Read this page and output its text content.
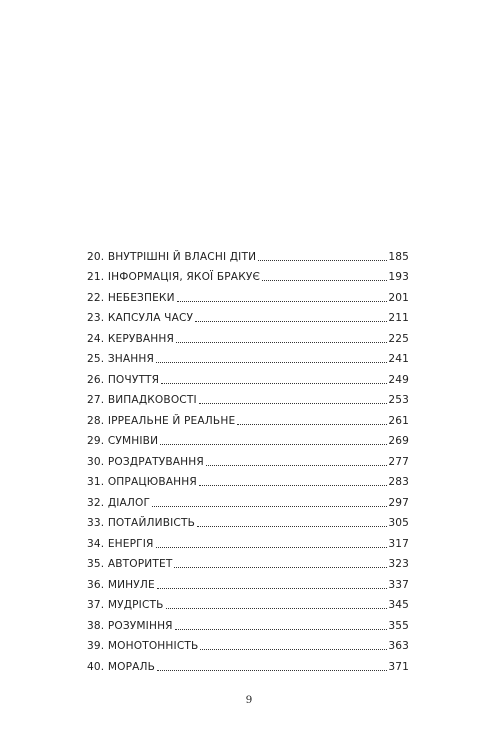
20. ВНУТРІШНІ Й ВЛАСНІ ДІТИ	185
21. ІНФОРМАЦІЯ, ЯКОЇ БРАКУЄ	193
22. НЕБЕЗПЕКИ	201
23. КАПСУЛА ЧАСУ	211
24. КЕРУВАННЯ	225
25. ЗНАННЯ	241
26. ПОЧУТТЯ	249
27. ВИПАДКОВОСТІ	253
28. ІРРЕАЛЬНЕ Й РЕАЛЬНЕ	261
29. СУМНІВИ	269
30. РОЗДРАТУВАННЯ	277
31. ОПРАЦЮВАННЯ	283
32. ДІАЛОГ	297
33. ПОТАЙЛИВІСТЬ	305
34. ЕНЕРГІЯ	317
35. АВТОРИТЕТ	323
36. МИНУЛЕ	337
37. МУДРІСТЬ	345
38. РОЗУМІННЯ	355
39. МОНОТОННІСТЬ	363
40. МОРАЛЬ	371
9
